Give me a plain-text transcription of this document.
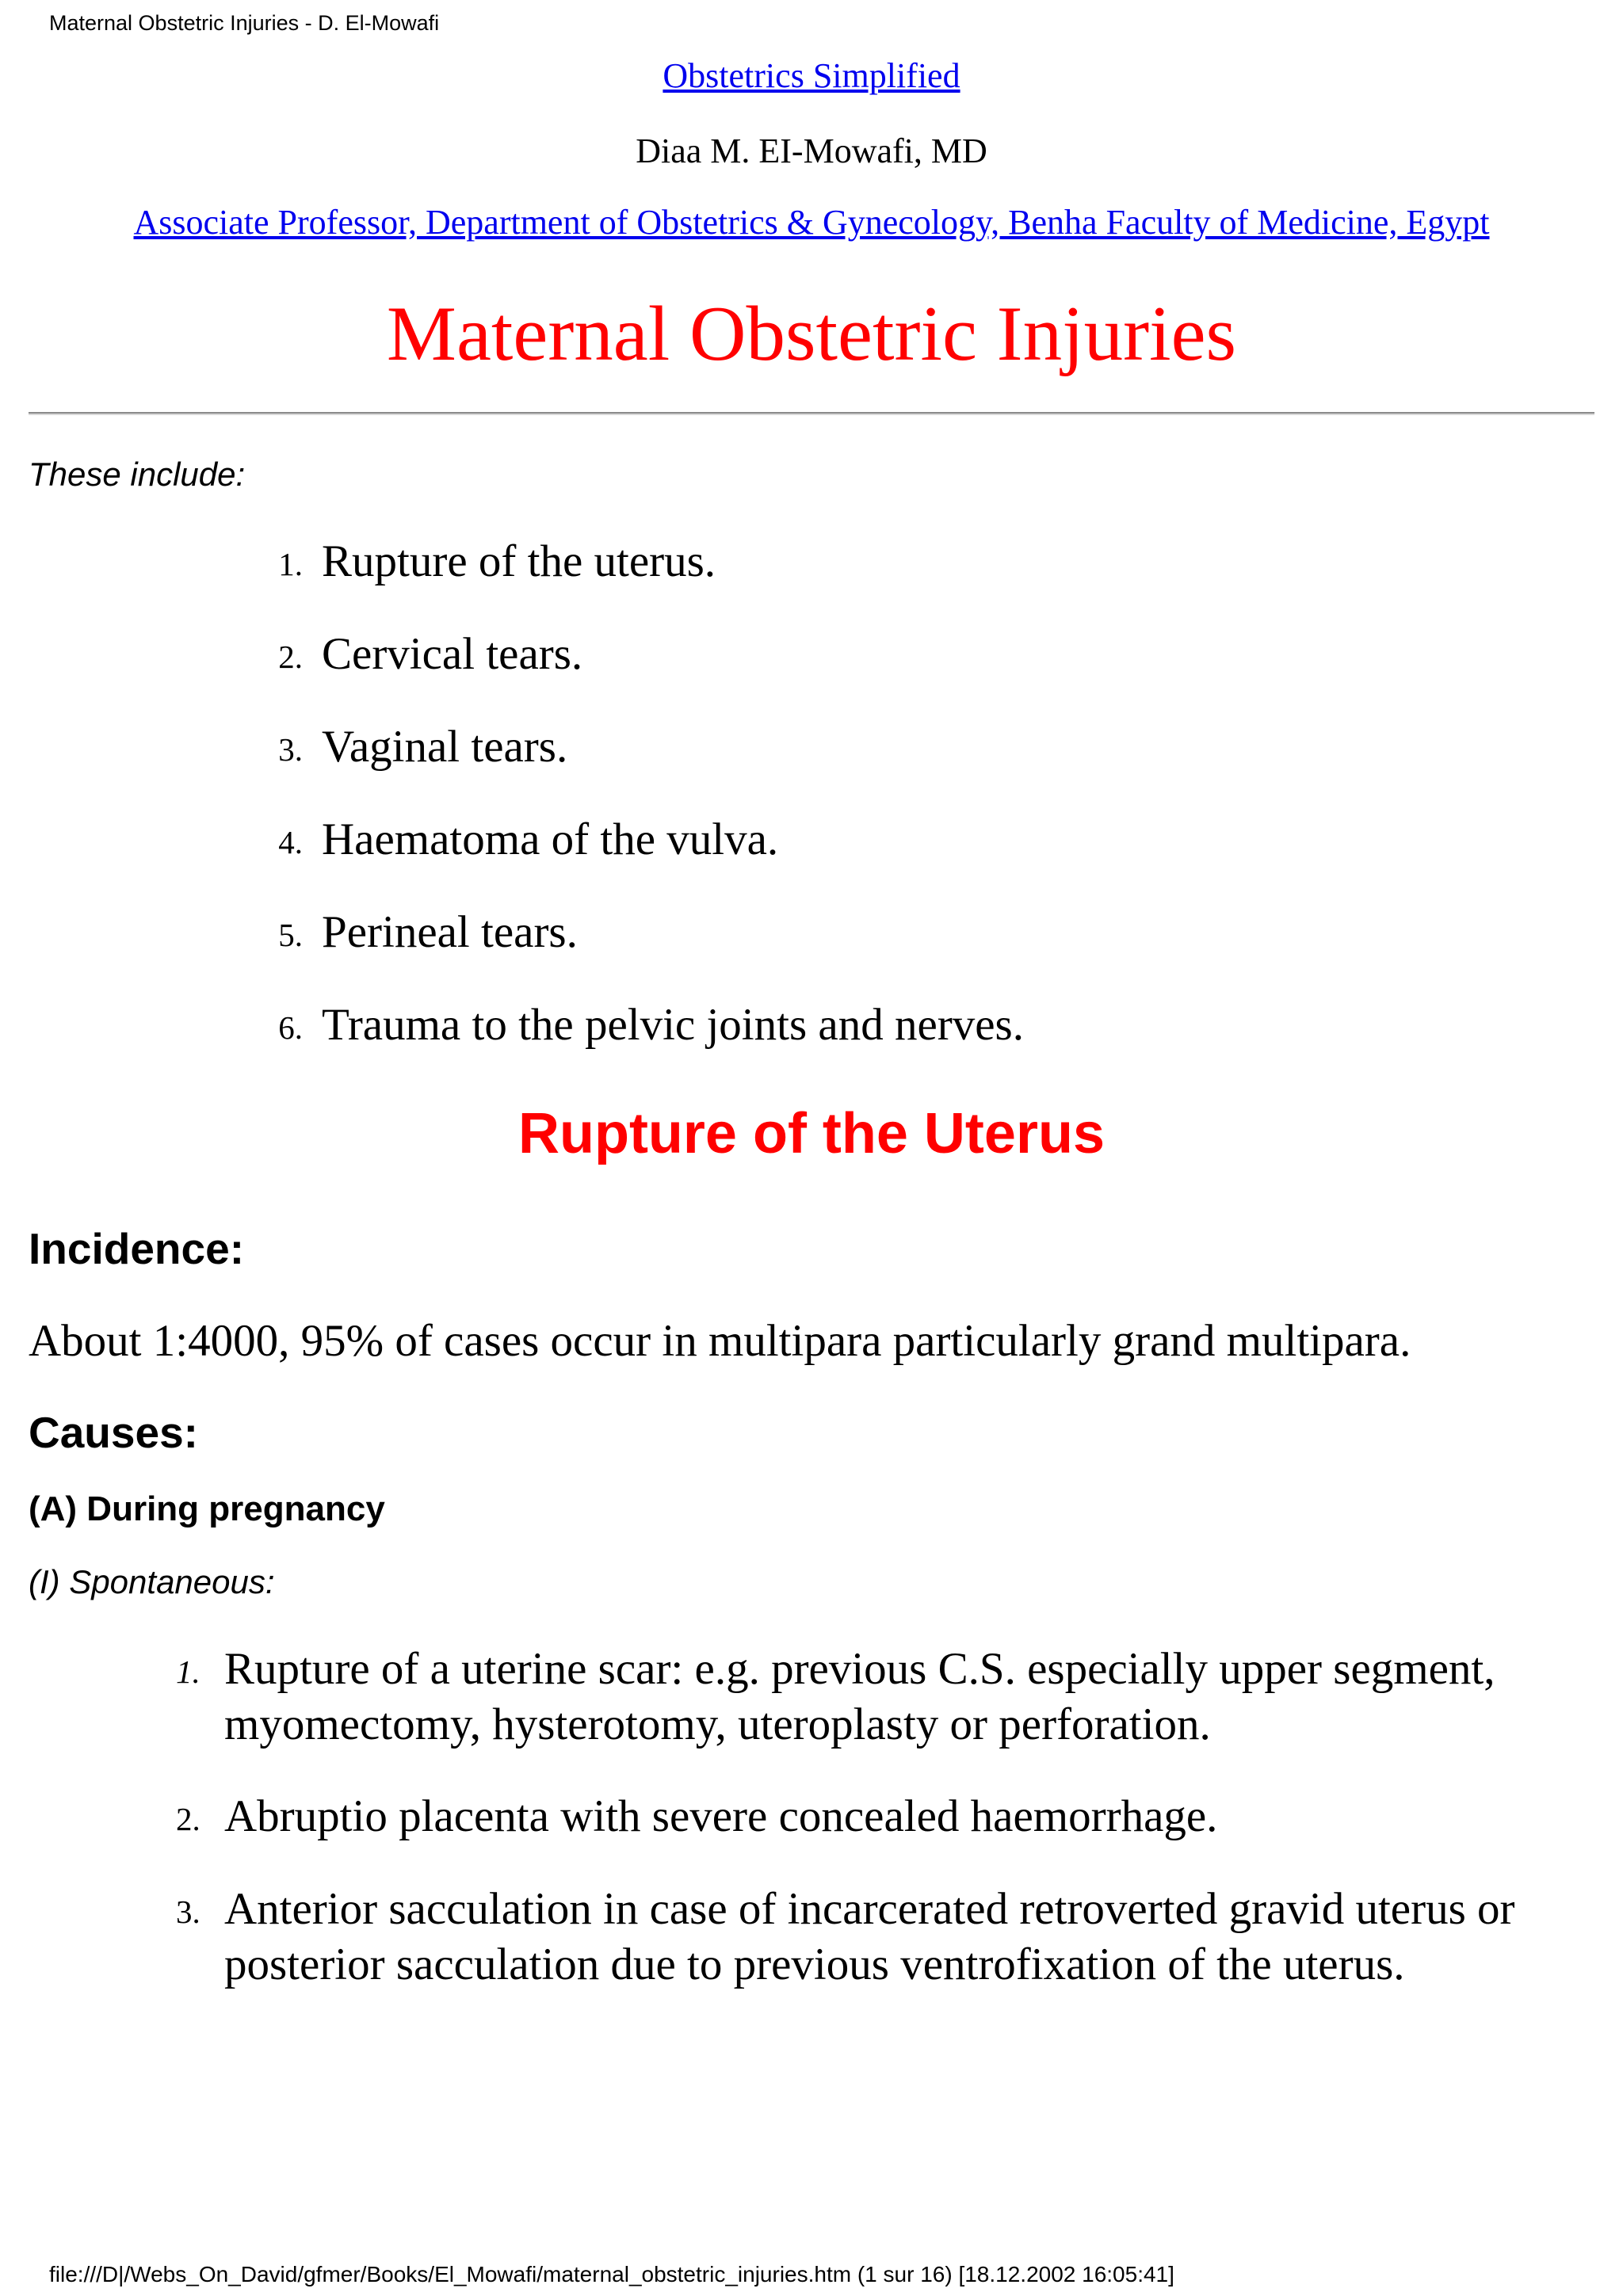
Maternal Obstetric Injuries - D. El-Mowafi
Obstetrics Simplified
Diaa M. EI-Mowafi, MD
Associate Professor, Department of Obstetrics & Gynecology, Benha Faculty of Medicine, Egypt
Maternal Obstetric Injuries
These include:
1. Rupture of the uterus.
2. Cervical tears.
3. Vaginal tears.
4. Haematoma of the vulva.
5. Perineal tears.
6. Trauma to the pelvic joints and nerves.
Rupture of the Uterus
Incidence:
About 1:4000, 95% of cases occur in multipara particularly grand multipara.
Causes:
(A) During pregnancy
(I) Spontaneous:
1. Rupture of a uterine scar: e.g. previous C.S. especially upper segment, myomectomy, hysterotomy, uteroplasty or perforation.
2. Abruptio placenta with severe concealed haemorrhage.
3. Anterior sacculation in case of incarcerated retroverted gravid uterus or posterior sacculation due to previous ventrofixation of the uterus.
file:///D|/Webs_On_David/gfmer/Books/El_Mowafi/maternal_obstetric_injuries.htm (1 sur 16) [18.12.2002 16:05:41]
